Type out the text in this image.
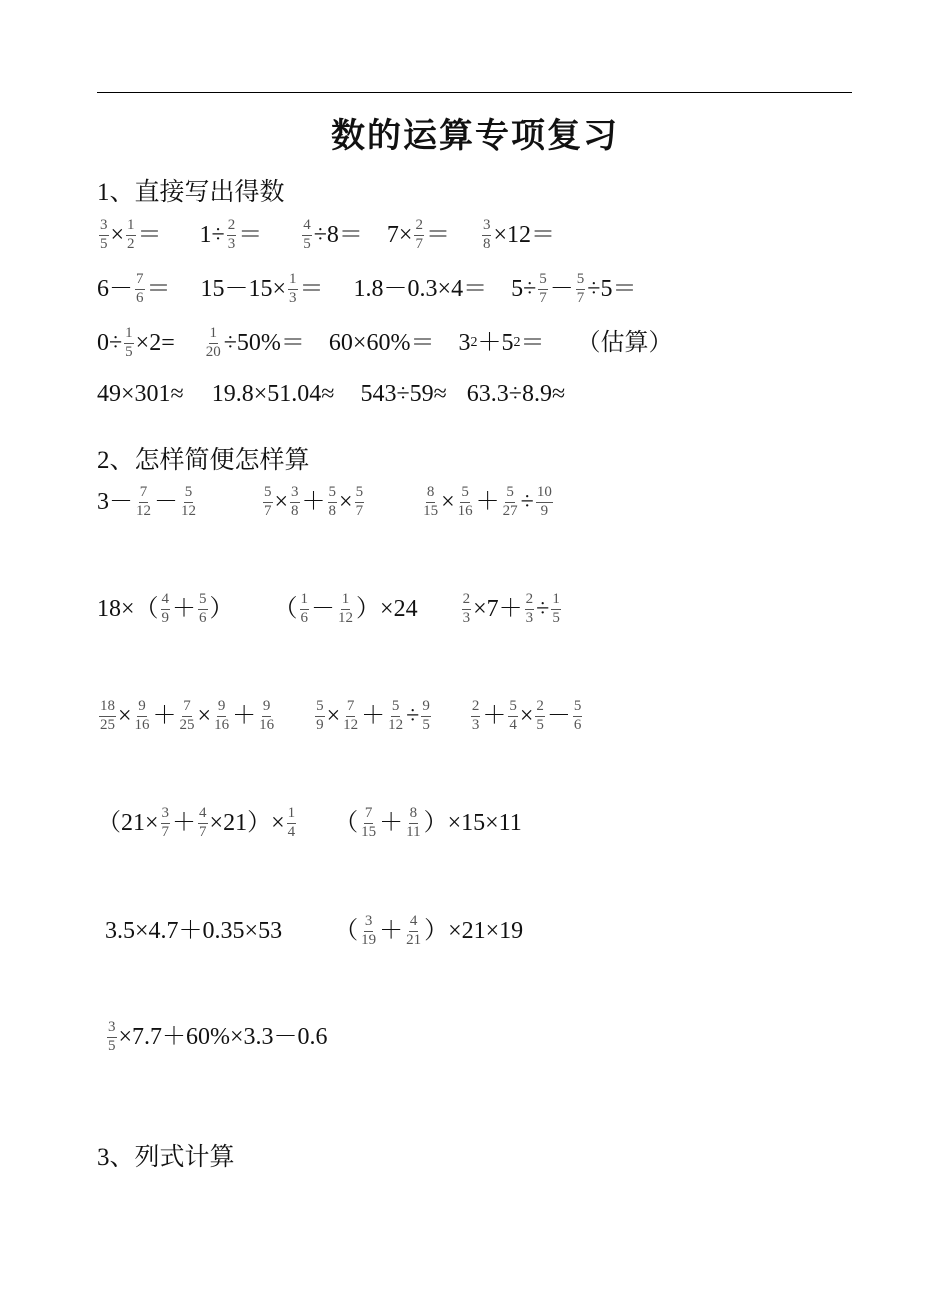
数的运算专项复习
1、直接写出得数
2、怎样简便怎样算
3、列式计算
$\frac{3}{5} \times \frac{1}{2} = 1\div \frac{2}{3}$ ＝	$\frac{4}{5} \div 8= 7\times \frac{2}{7} = \frac{3}{8} \times 12=$
$6- \frac{7}{6} = 15-15\times \frac{1}{3} = 1.8-0.3\times 4= 5\div \frac{5}{7} - \frac{5}{7} \div 5=$
$0\div \frac{1}{5} \times 2= \frac{1}{20} \div 50\%= 60\times 60\%= 3$ 2 ＋5 2 ＝ （估算）
49×301≈ 19.8×51.04≈ 543÷59≈ 63.3÷8.9≈
$3- \frac{7}{12} - \frac{5}{12}$	$\frac{5}{7} \times \frac{3}{8} + \frac{5}{8} \times \frac{5}{7}$	$\frac{8}{15} \times \frac{5}{16} + \frac{5}{27} \div \frac{10}{9}$
$18\times( \frac{4}{9} + \frac{5}{6}$ ） （ $\frac{1}{6} - \frac{1}{12} )\times 24$	$\frac{2}{3} \times 7+ \frac{2}{3} \div \frac{1}{5}$
$\frac{18}{25} \times \frac{9}{16} + \frac{7}{25} \times \frac{9}{16} + \frac{9}{16}$	$\frac{5}{9} \times \frac{7}{12} + \frac{5}{12} \div \frac{9}{5}$	$\frac{2}{3} + \frac{5}{4} \times \frac{2}{5} - \frac{5}{6}$
$(21\times \frac{3}{7} + \frac{4}{7} \times 21)\times \frac{1}{4}$ （ $\frac{7}{15} + \frac{8}{11} )\times 15\times 11$
3.5×4.7＋0.35×53 （ $\frac{3}{19} + \frac{4}{21} )\times 21\times 19$
$\frac{3}{5} \times 7.7+60\%\times 3.3-0.6$
